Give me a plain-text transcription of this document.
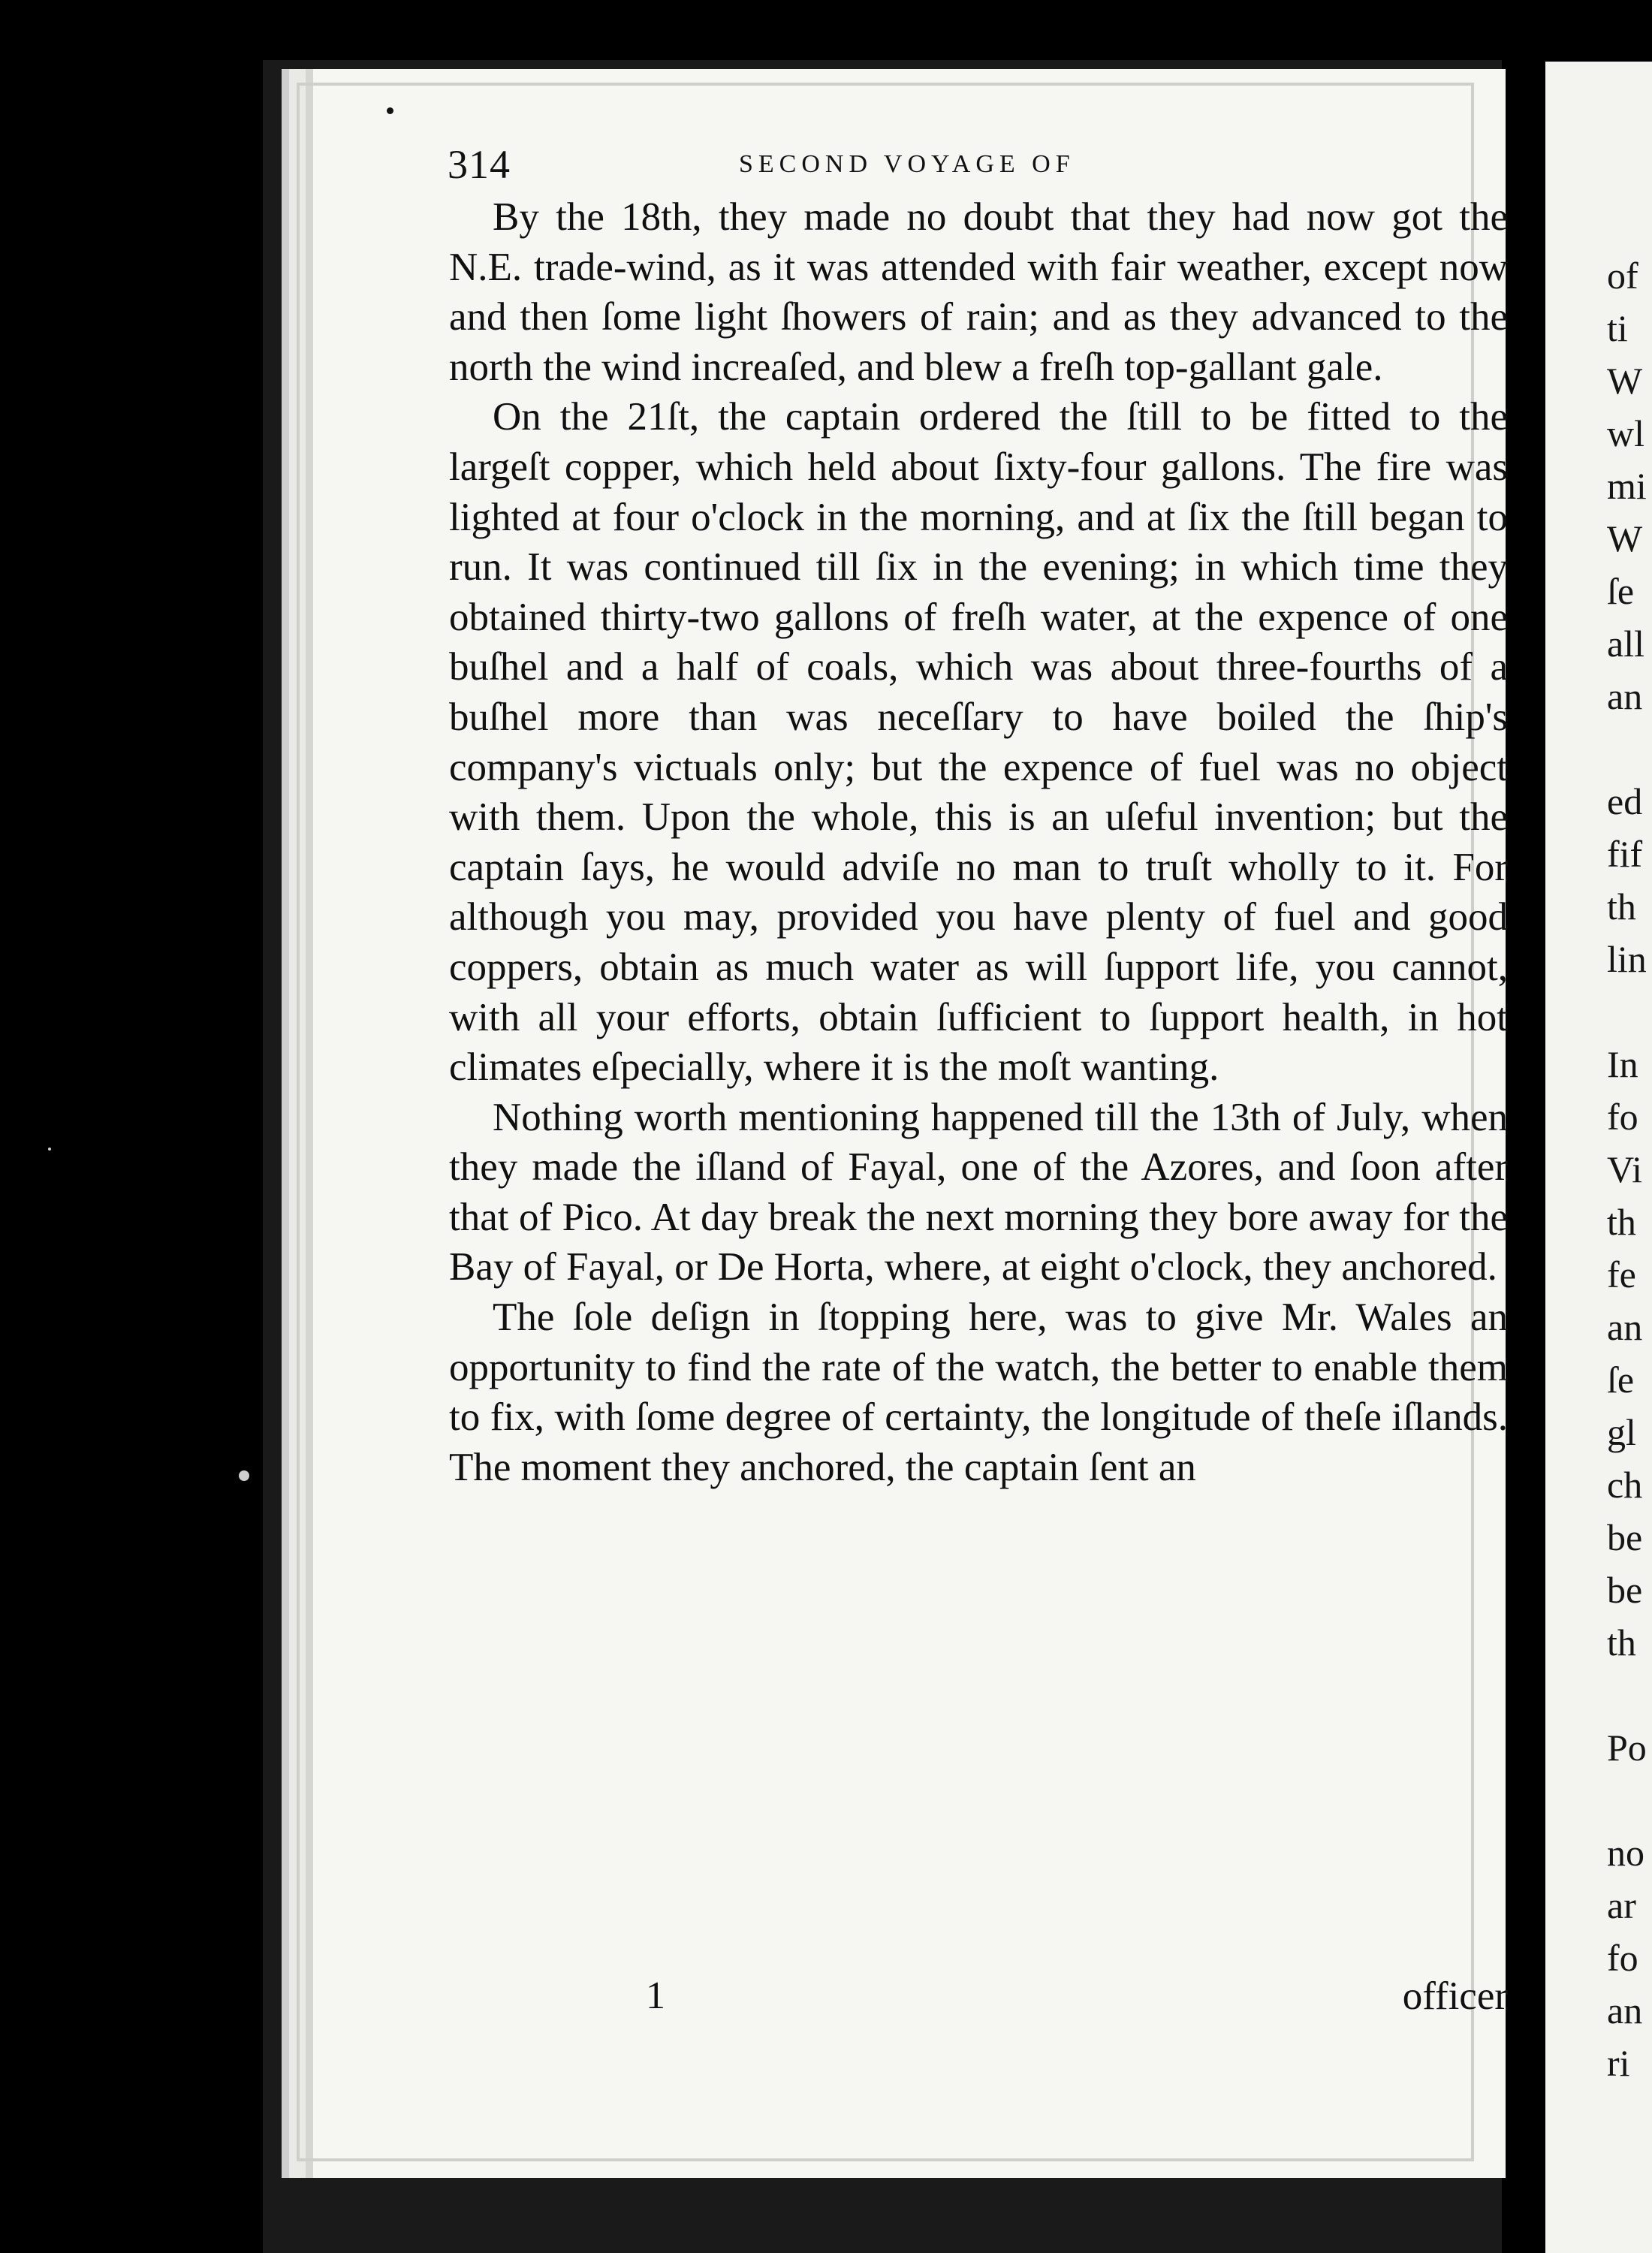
314	SECOND VOYAGE OF

By the 18th, they made no doubt that they had now got the N.E. trade-wind, as it was attended with fair weather, except now and then ſome light ſhowers of rain; and as they advanced to the north the wind increaſed, and blew a freſh top-gallant gale.

On the 21ſt, the captain ordered the ſtill to be fitted to the largeſt copper, which held about ſixty-four gallons. The fire was lighted at four o'clock in the morning, and at ſix the ſtill began to run. It was continued till ſix in the evening; in which time they obtained thirty-two gallons of freſh water, at the expence of one buſhel and a half of coals, which was about three-fourths of a buſhel more than was neceſſary to have boiled the ſhip's company's victuals only; but the expence of fuel was no object with them. Upon the whole, this is an uſeful invention; but the captain ſays, he would adviſe no man to truſt wholly to it. For although you may, provided you have plenty of fuel and good coppers, obtain as much water as will ſupport life, you cannot, with all your efforts, obtain ſufficient to ſupport health, in hot climates eſpecially, where it is the moſt wanting.

Nothing worth mentioning happened till the 13th of July, when they made the iſland of Fayal, one of the Azores, and ſoon after that of Pico. At day break the next morning they bore away for the Bay of Fayal, or De Horta, where, at eight o'clock, they anchored.

The ſole deſign in ſtopping here, was to give Mr. Wales an opportunity to find the rate of the watch, the better to enable them to fix, with ſome degree of certainty, the longitude of theſe iſlands. The moment they anchored, the captain ſent an

1	officer
of
ti
W
wl
mi
W
ſe
all
an
ed
fif
th
lin
In
fo
Vi
th
fe
an
ſe
gl
ch
be
be
th
Po
no
ar
fo
an
ri
